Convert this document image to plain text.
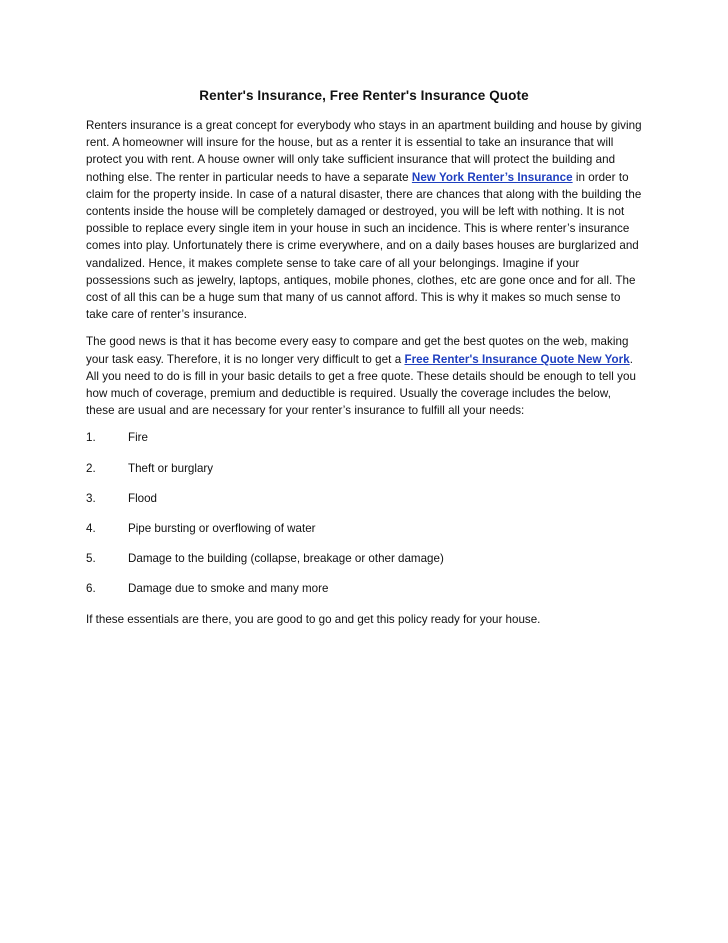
Renter's Insurance, Free Renter's Insurance Quote

Renters insurance is a great concept for everybody who stays in an apartment building and house by giving rent. A homeowner will insure for the house, but as a renter it is essential to take an insurance that will protect you with rent. A house owner will only take sufficient insurance that will protect the building and nothing else. The renter in particular needs to have a separate New York Renter’s Insurance in order to claim for the property inside. In case of a natural disaster, there are chances that along with the building the contents inside the house will be completely damaged or destroyed, you will be left with nothing. It is not possible to replace every single item in your house in such an incidence. This is where renter’s insurance comes into play. Unfortunately there is crime everywhere, and on a daily bases houses are burglarized and vandalized. Hence, it makes complete sense to take care of all your belongings. Imagine if your possessions such as jewelry, laptops, antiques, mobile phones, clothes, etc are gone once and for all. The cost of all this can be a huge sum that many of us cannot afford. This is why it makes so much sense to take care of renter’s insurance.

The good news is that it has become every easy to compare and get the best quotes on the web, making your task easy. Therefore, it is no longer very difficult to get a Free Renter's Insurance Quote New York. All you need to do is fill in your basic details to get a free quote. These details should be enough to tell you how much of coverage, premium and deductible is required. Usually the coverage includes the below, these are usual and are necessary for your renter’s insurance to fulfill all your needs:

1.	Fire
2.	Theft or burglary
3.	Flood
4.	Pipe bursting or overflowing of water
5.	Damage to the building (collapse, breakage or other damage)
6.	Damage due to smoke and many more

If these essentials are there, you are good to go and get this policy ready for your house.
